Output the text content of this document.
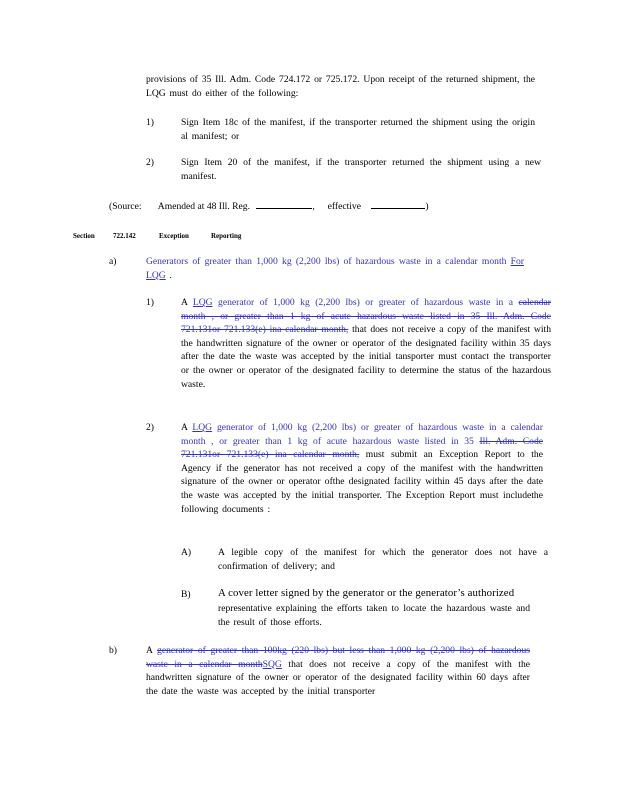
provisions of 35 Ill. Adm. Code 724.172 or 725.172. Upon receipt of the returned shipment, the LQG must do either of the following:
1)	Sign Item 18c of the manifest, if the transporter returned the shipment using the origin al manifest; or
2)	Sign Item 20 of the manifest, if the transporter returned the shipment using a new manifest.
(Source: Amended at 48 Ill. Reg.	, effective	)
Section	722.142	Exception	Reporting
a)	Generators of greater than 1,000 kg (2,200 lbs) of hazardous waste in a calendar month For LQG .
1)	A LQG generator of 1,000 kg (2,200 lbs) or greater of hazardous waste in a calendar month , or greater than 1 kg of acute hazardous waste listed in 35 Ill. Adm. Code 721.131or 721.133(e) ina calendar month, that does not receive a copy of the manifest with the handwritten signature of the owner or operator of the designated facility within 35 days after the date the waste was accepted by the initial tansporter must contact the transporter or the owner or operator of the designated facility to determine the status of the hazardous waste.
2)	A LQG generator of 1,000 kg (2,200 lbs) or greater of hazardous waste in a calendar month , or greater than 1 kg of acute hazardous waste listed in 35 Ill. Adm. Code 721.131or 721.133(e) ina calendar month, must submit an Exception Report to the Agency if the generator has not received a copy of the manifest with the handwritten signature of the owner or operator ofthe designated facility within 45 days after the date the waste was accepted by the initial transporter. The Exception Report must includethe following documents :
A)	A legible copy of the manifest for which the generator does not have a confirmation of delivery; and
B)	A cover letter signed by the generator or the generator’s authorized
representative explaining the efforts taken to locate the hazardous waste and the result of those efforts.
b)	A generator of greater than 100kg (220 lbs) but less than 1,000 kg (2,200 lbs) of hazardous waste in a calendar monthSQG that does not receive a copy of the manifest with the handwritten signature of the owner or operator of the designated facility within 60 days after the date the waste was accepted by the initial transporter
